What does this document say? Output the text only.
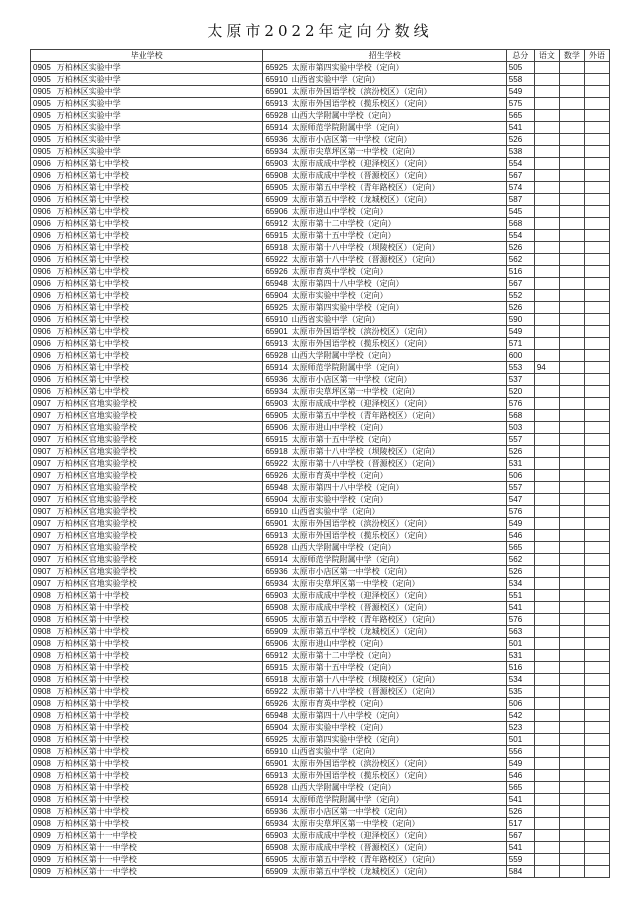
太原市2022年定向分数线
毕业学校	招生学校	总分	语文	数学	外语
0905 万柏林区实验中学	65925 太原市第四实验中学校（定向）	505			
0905 万柏林区实验中学	65910 山西省实验中学（定向）	558			
0905 万柏林区实验中学	65901 太原市外国语学校（滨汾校区）（定向）	549			
0905 万柏林区实验中学	65913 太原市外国语学校（揽乐校区）（定向）	575			
0905 万柏林区实验中学	65928 山西大学附属中学校（定向）	565			
0905 万柏林区实验中学	65914 太原师范学院附属中学（定向）	541			
0905 万柏林区实验中学	65936 太原市小店区第一中学校（定向）	526			
0905 万柏林区实验中学	65934 太原市尖草坪区第一中学校（定向）	538			
0906 万柏林区第七中学校	65903 太原市成成中学校（迎泽校区）（定向）	554			
0906 万柏林区第七中学校	65908 太原市成成中学校（晋源校区）（定向）	567			
0906 万柏林区第七中学校	65905 太原市第五中学校（青年路校区）（定向）	574			
0906 万柏林区第七中学校	65909 太原市第五中学校（龙城校区）（定向）	587			
0906 万柏林区第七中学校	65906 太原市进山中学校（定向）	545			
0906 万柏林区第七中学校	65912 太原市第十二中学校（定向）	568			
0906 万柏林区第七中学校	65915 太原市第十五中学校（定向）	554			
0906 万柏林区第七中学校	65918 太原市第十八中学校（坝陵校区）（定向）	526			
0906 万柏林区第七中学校	65922 太原市第十八中学校（晋源校区）（定向）	562			
0906 万柏林区第七中学校	65926 太原市育英中学校（定向）	516			
0906 万柏林区第七中学校	65948 太原市第四十八中学校（定向）	567			
0906 万柏林区第七中学校	65904 太原市实验中学校（定向）	552			
0906 万柏林区第七中学校	65925 太原市第四实验中学校（定向）	526			
0906 万柏林区第七中学校	65910 山西省实验中学（定向）	590			
0906 万柏林区第七中学校	65901 太原市外国语学校（滨汾校区）（定向）	549			
0906 万柏林区第七中学校	65913 太原市外国语学校（揽乐校区）（定向）	571			
0906 万柏林区第七中学校	65928 山西大学附属中学校（定向）	600			
0906 万柏林区第七中学校	65914 太原师范学院附属中学（定向）	553	94		
0906 万柏林区第七中学校	65936 太原市小店区第一中学校（定向）	537			
0906 万柏林区第七中学校	65934 太原市尖草坪区第一中学校（定向）	520			
0907 万柏林区官地实验学校	65903 太原市成成中学校（迎泽校区）（定向）	576			
0907 万柏林区官地实验学校	65905 太原市第五中学校（青年路校区）（定向）	568			
0907 万柏林区官地实验学校	65906 太原市进山中学校（定向）	503			
0907 万柏林区官地实验学校	65915 太原市第十五中学校（定向）	557			
0907 万柏林区官地实验学校	65918 太原市第十八中学校（坝陵校区）（定向）	526			
0907 万柏林区官地实验学校	65922 太原市第十八中学校（晋源校区）（定向）	531			
0907 万柏林区官地实验学校	65926 太原市育英中学校（定向）	506			
0907 万柏林区官地实验学校	65948 太原市第四十八中学校（定向）	557			
0907 万柏林区官地实验学校	65904 太原市实验中学校（定向）	547			
0907 万柏林区官地实验学校	65910 山西省实验中学（定向）	576			
0907 万柏林区官地实验学校	65901 太原市外国语学校（滨汾校区）（定向）	549			
0907 万柏林区官地实验学校	65913 太原市外国语学校（揽乐校区）（定向）	546			
0907 万柏林区官地实验学校	65928 山西大学附属中学校（定向）	565			
0907 万柏林区官地实验学校	65914 太原师范学院附属中学（定向）	562			
0907 万柏林区官地实验学校	65936 太原市小店区第一中学校（定向）	526			
0907 万柏林区官地实验学校	65934 太原市尖草坪区第一中学校（定向）	534			
0908 万柏林区第十中学校	65903 太原市成成中学校（迎泽校区）（定向）	551			
0908 万柏林区第十中学校	65908 太原市成成中学校（晋源校区）（定向）	541			
0908 万柏林区第十中学校	65905 太原市第五中学校（青年路校区）（定向）	576			
0908 万柏林区第十中学校	65909 太原市第五中学校（龙城校区）（定向）	563			
0908 万柏林区第十中学校	65906 太原市进山中学校（定向）	501			
0908 万柏林区第十中学校	65912 太原市第十二中学校（定向）	531			
0908 万柏林区第十中学校	65915 太原市第十五中学校（定向）	516			
0908 万柏林区第十中学校	65918 太原市第十八中学校（坝陵校区）（定向）	534			
0908 万柏林区第十中学校	65922 太原市第十八中学校（晋源校区）（定向）	535			
0908 万柏林区第十中学校	65926 太原市育英中学校（定向）	506			
0908 万柏林区第十中学校	65948 太原市第四十八中学校（定向）	542			
0908 万柏林区第十中学校	65904 太原市实验中学校（定向）	523			
0908 万柏林区第十中学校	65925 太原市第四实验中学校（定向）	501			
0908 万柏林区第十中学校	65910 山西省实验中学（定向）	556			
0908 万柏林区第十中学校	65901 太原市外国语学校（滨汾校区）（定向）	549			
0908 万柏林区第十中学校	65913 太原市外国语学校（揽乐校区）（定向）	546			
0908 万柏林区第十中学校	65928 山西大学附属中学校（定向）	565			
0908 万柏林区第十中学校	65914 太原师范学院附属中学（定向）	541			
0908 万柏林区第十中学校	65936 太原市小店区第一中学校（定向）	526			
0908 万柏林区第十中学校	65934 太原市尖草坪区第一中学校（定向）	517			
0909 万柏林区第十一中学校	65903 太原市成成中学校（迎泽校区）（定向）	567			
0909 万柏林区第十一中学校	65908 太原市成成中学校（晋源校区）（定向）	541			
0909 万柏林区第十一中学校	65905 太原市第五中学校（青年路校区）（定向）	559			
0909 万柏林区第十一中学校	65909 太原市第五中学校（龙城校区）（定向）	584			
